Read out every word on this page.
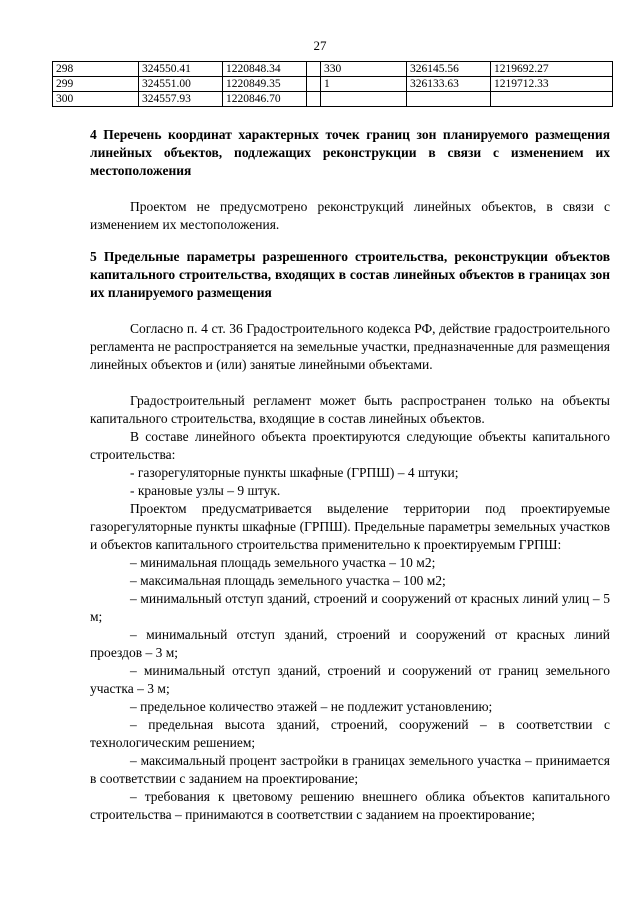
27
298	324550.41	1220848.34		330	326145.56	1219692.27
299	324551.00	1220849.35		1	326133.63	1219712.33
300	324557.93	1220846.70				
4 Перечень координат характерных точек границ зон планируемого размещения линейных объектов, подлежащих реконструкции в связи с изменением их местоположения
Проектом не предусмотрено реконструкций линейных объектов, в связи с изменением их местоположения.
5 Предельные параметры разрешенного строительства, реконструкции объектов капитального строительства, входящих в состав линейных объектов в границах зон их планируемого размещения
Согласно п. 4 ст. 36 Градостроительного кодекса РФ, действие градостроительного регламента не распространяется на земельные участки, предназначенные для размещения линейных объектов и (или) занятые линейными объектами.
Градостроительный регламент может быть распространен только на объекты капитального строительства, входящие в состав линейных объектов.
В составе линейного объекта проектируются следующие объекты капитального строительства:
- газорегуляторные пункты шкафные (ГРПШ) – 4 штуки;
- крановые узлы – 9 штук.
Проектом предусматривается выделение территории под проектируемые газорегуляторные пункты шкафные (ГРПШ). Предельные параметры земельных участков и объектов капитального строительства применительно к проектируемым ГРПШ:
– минимальная площадь земельного участка – 10 м2;
– максимальная площадь земельного участка – 100 м2;
– минимальный отступ зданий, строений и сооружений от красных линий улиц – 5 м;
– минимальный отступ зданий, строений и сооружений от красных линий проездов – 3 м;
– минимальный отступ зданий, строений и сооружений от границ земельного участка – 3 м;
– предельное количество этажей – не подлежит установлению;
– предельная высота зданий, строений, сооружений – в соответствии с технологическим решением;
– максимальный процент застройки в границах земельного участка – принимается в соответствии с заданием на проектирование;
– требования к цветовому решению внешнего облика объектов капитального строительства – принимаются в соответствии с заданием на проектирование;
